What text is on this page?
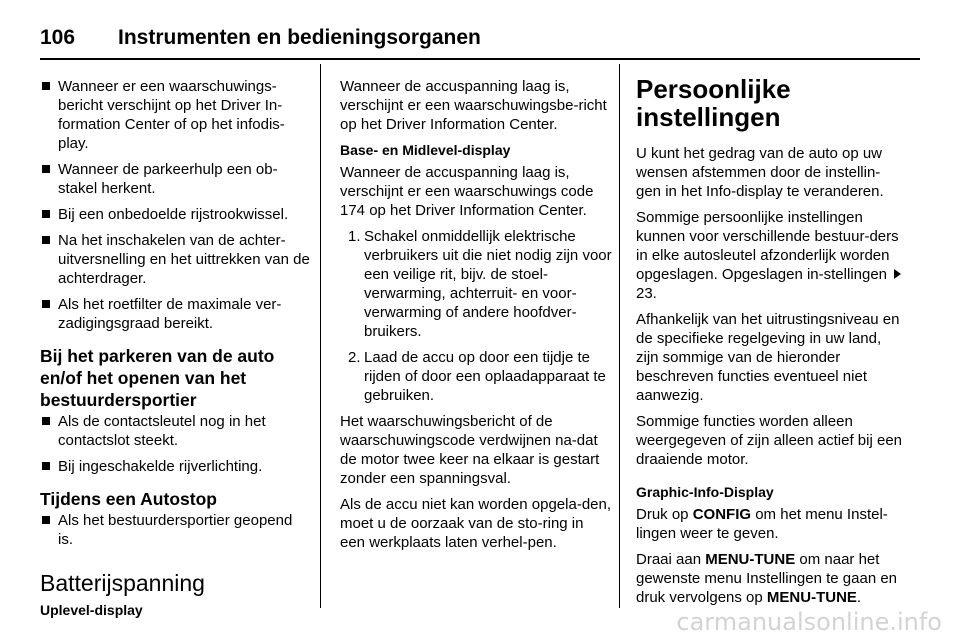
106 Instrumenten en bedieningsorganen
Wanneer er een waarschuwings-bericht verschijnt op het Driver In-formation Center of op het infodis-play.
Wanneer de parkeerhulp een ob-stakel herkent.
Bij een onbedoelde rijstrookwissel.
Na het inschakelen van de achter-uitversnelling en het uittrekken van de achterdrager.
Als het roetfilter de maximale ver-zadigingsgraad bereikt.
Bij het parkeren van de auto en/of het openen van het bestuurdersportier
Als de contactsleutel nog in het contactslot steekt.
Bij ingeschakelde rijverlichting.
Tijdens een Autostop
Als het bestuurdersportier geopend is.
Batterijspanning
Uplevel-display

Wanneer de accuspanning laag is, verschijnt er een waarschuwingsbe-richt op het Driver Information Center.

Base- en Midlevel-display

Wanneer de accuspanning laag is, verschijnt er een waarschuwings code 174 op het Driver Information Center.

1. Schakel onmiddellijk elektrische verbruikers uit die niet nodig zijn voor een veilige rit, bijv. de stoel-verwarming, achterruit- en voor-verwarming of andere hoofdver-bruikers.
2. Laad de accu op door een tijdje te rijden of door een oplaadapparaat te gebruiken.

Het waarschuwingsbericht of de waarschuwingscode verdwijnen na-dat de motor twee keer na elkaar is gestart zonder een spanningsval.

Als de accu niet kan worden opgela-den, moet u de oorzaak van de sto-ring in een werkplaats laten verhel-pen.

Persoonlijke instellingen

U kunt het gedrag van de auto op uw wensen afstemmen door de instellin-gen in het Info-display te veranderen.

Sommige persoonlijke instellingen kunnen voor verschillende bestuur-ders in elke autosleutel afzonderlijk worden opgeslagen. Opgeslagen in-stellingen 23.

Afhankelijk van het uitrustingsniveau en de specifieke regelgeving in uw land, zijn sommige van de hieronder beschreven functies eventueel niet aanwezig.

Sommige functies worden alleen weergegeven of zijn alleen actief bij een draaiende motor.

Graphic-Info-Display

Druk op CONFIG om het menu Instel-lingen weer te geven.

Draai aan MENU-TUNE om naar het gewenste menu Instellingen te gaan en druk vervolgens op MENU-TUNE.

carmanualsonline.info
